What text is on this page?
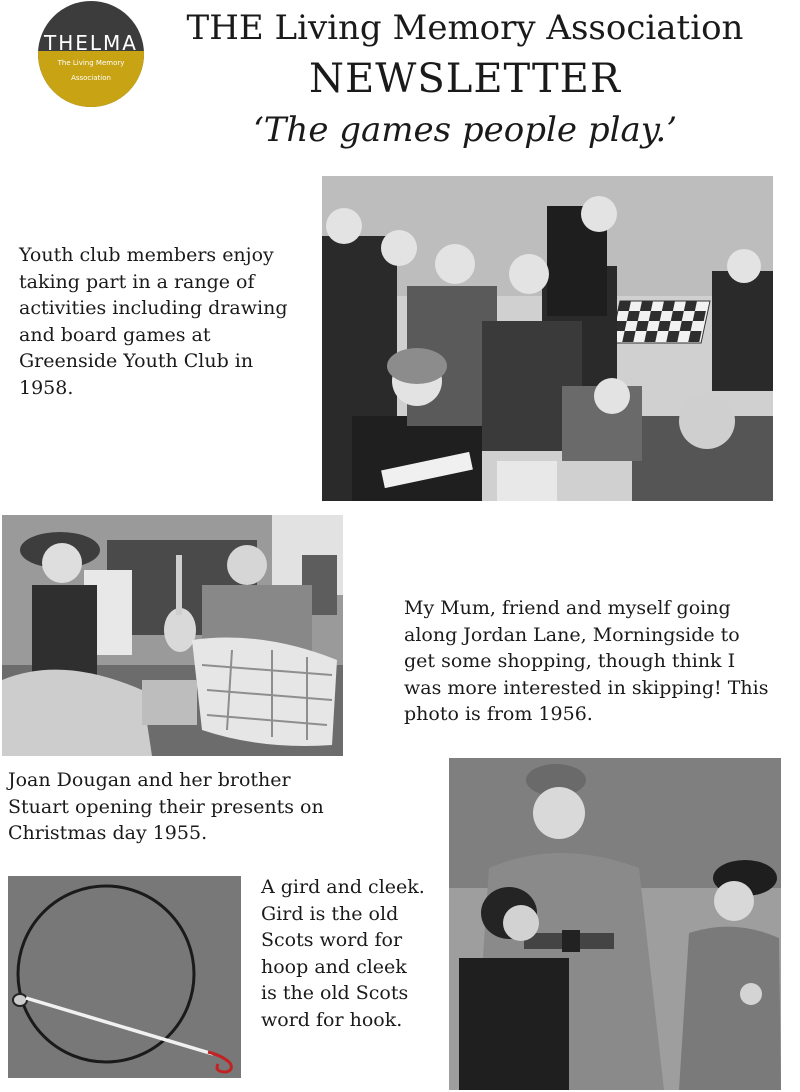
THELMA
The Living Memory
Association
THE Living Memory Association
NEWSLETTER
‘The games people play.’
Youth club members enjoy
taking part in a range of
activities including drawing
and board games at
Greenside Youth Club in
1958.
My Mum, friend and myself going
along Jordan Lane, Morningside to
get some shopping, though think I
was more interested in skipping! This
photo is from 1956.
Joan Dougan and her brother
Stuart opening their presents on
Christmas day 1955.
A gird and cleek.
Gird is the old
Scots word for
hoop and cleek
is the old Scots
word for hook.
